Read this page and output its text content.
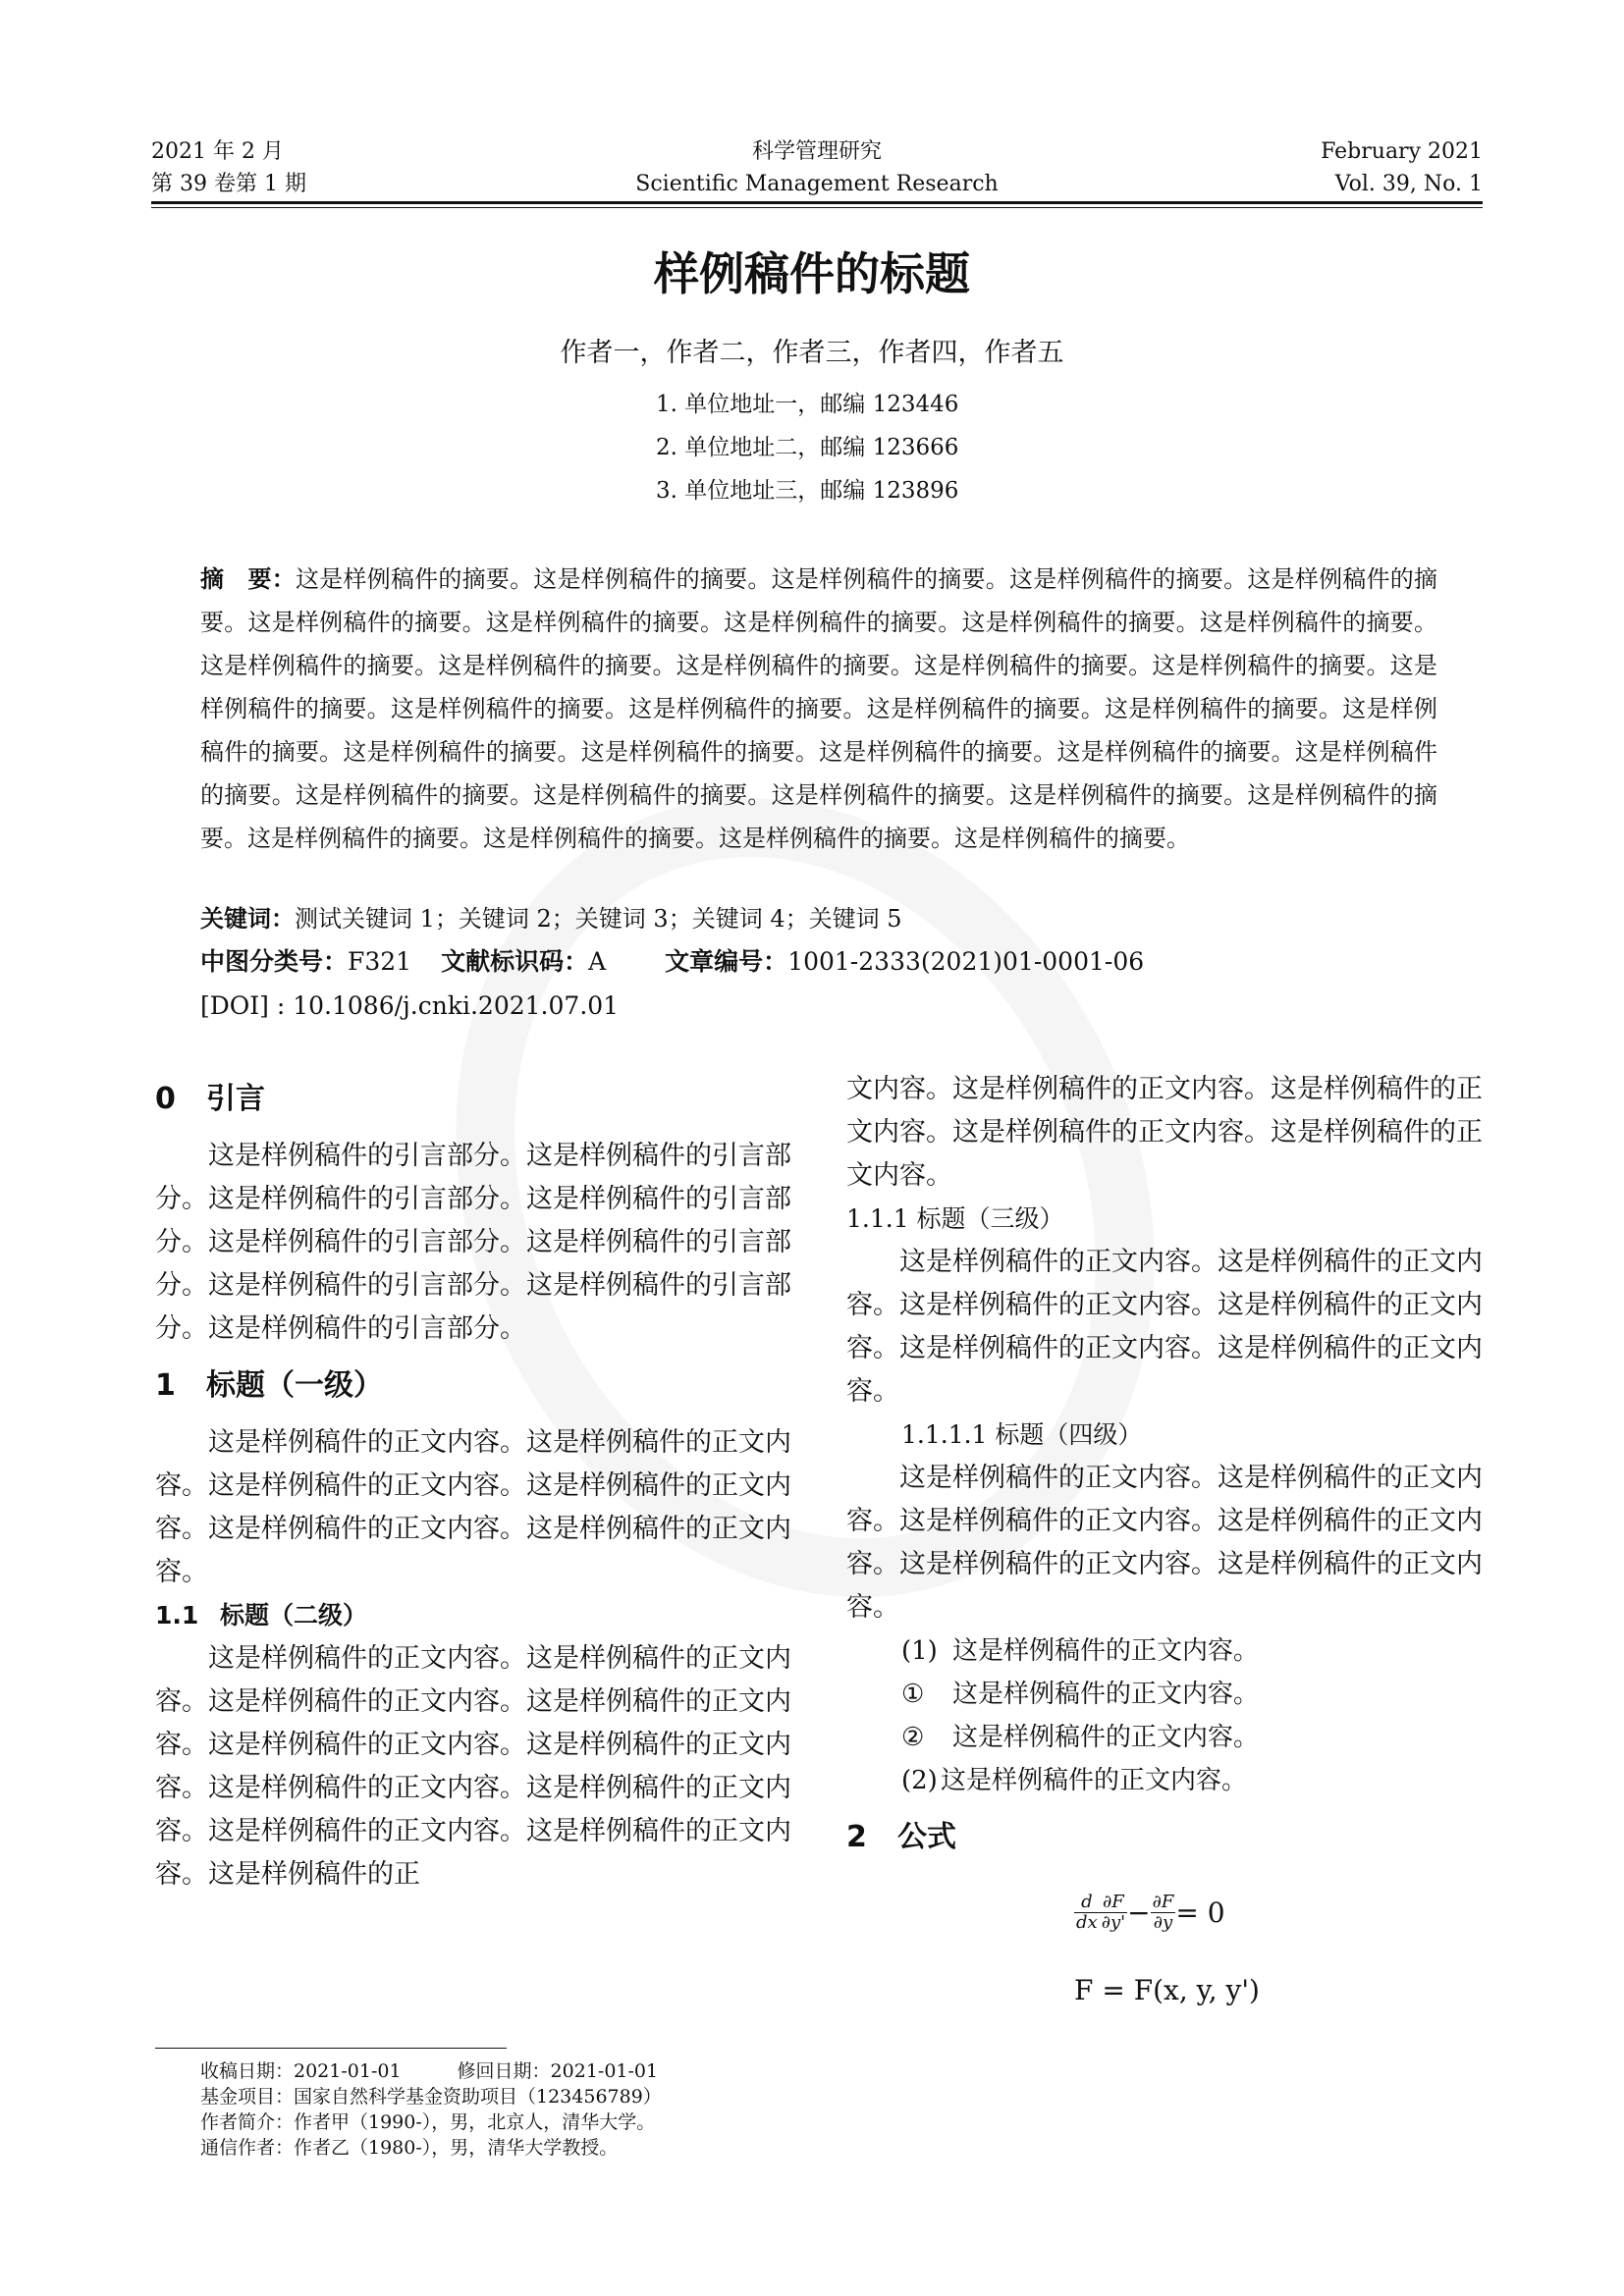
科学管理研究
Scientific Management Research
2021 年 2 月
第 39 卷第 1 期
February 2021
Vol. 39, No. 1
样例稿件的标题
作者一，作者二，作者三，作者四，作者五
1. 单位地址一，邮编 123446
2. 单位地址二，邮编 123666
3. 单位地址三，邮编 123896
摘　要：这是样例稿件的摘要。这是样例稿件的摘要。这是样例稿件的摘要。这是样例稿件的摘要。这是样例稿件的摘要。这是样例稿件的摘要。这是样例稿件的摘要。这是样例稿件的摘要。这是样例稿件的摘要。这是样例稿件的摘要。这是样例稿件的摘要。这是样例稿件的摘要。这是样例稿件的摘要。这是样例稿件的摘要。这是样例稿件的摘要。这是样例稿件的摘要。这是样例稿件的摘要。这是样例稿件的摘要。这是样例稿件的摘要。这是样例稿件的摘要。这是样例稿件的摘要。这是样例稿件的摘要。这是样例稿件的摘要。这是样例稿件的摘要。这是样例稿件的摘要。这是样例稿件的摘要。这是样例稿件的摘要。这是样例稿件的摘要。这是样例稿件的摘要。这是样例稿件的摘要。这是样例稿件的摘要。这是样例稿件的摘要。这是样例稿件的摘要。这是样例稿件的摘要。这是样例稿件的摘要。
关键词：测试关键词 1；关键词 2；关键词 3；关键词 4；关键词 5
中图分类号：F321 文献标识码：A 文章编号：1001-2333(2021)01-0001-06
[DOI] : 10.1086/j.cnki.2021.07.01

0 引言

这是样例稿件的引言部分。这是样例稿件的引言部分。这是样例稿件的引言部分。这是样例稿件的引言部分。这是样例稿件的引言部分。这是样例稿件的引言部分。这是样例稿件的引言部分。这是样例稿件的引言部分。这是样例稿件的引言部分。

1 标题（一级）

这是样例稿件的正文内容。这是样例稿件的正文内容。这是样例稿件的正文内容。这是样例稿件的正文内容。这是样例稿件的正文内容。这是样例稿件的正文内容。

1.1 标题（二级）

这是样例稿件的正文内容。这是样例稿件的正文内容。这是样例稿件的正文内容。这是样例稿件的正文内容。这是样例稿件的正文内容。这是样例稿件的正文内容。这是样例稿件的正文内容。这是样例稿件的正文内容。这是样例稿件的正文内容。这是样例稿件的正文内容。这是样例稿件的正

文内容。这是样例稿件的正文内容。这是样例稿件的正文内容。这是样例稿件的正文内容。这是样例稿件的正文内容。

1.1.1 标题（三级）

这是样例稿件的正文内容。这是样例稿件的正文内容。这是样例稿件的正文内容。这是样例稿件的正文内容。这是样例稿件的正文内容。这是样例稿件的正文内容。

1.1.1.1 标题（四级）

这是样例稿件的正文内容。这是样例稿件的正文内容。这是样例稿件的正文内容。这是样例稿件的正文内容。这是样例稿件的正文内容。这是样例稿件的正文内容。

(1) 这是样例稿件的正文内容。

① 这是样例稿件的正文内容。

② 这是样例稿件的正文内容。

(2) 这是样例稿件的正文内容。

2 公式

$\frac{d}{dx} \frac{\partial F}{\partial y'} - \frac{\partial F}{\partial y} = 0$
F = F(x, y, y')
收稿日期：2021-01-01　　　修回日期：2021-01-01
基金项目：国家自然科学基金资助项目（123456789）
作者简介：作者甲（1990-），男，北京人，清华大学。
通信作者：作者乙（1980-），男，清华大学教授。
